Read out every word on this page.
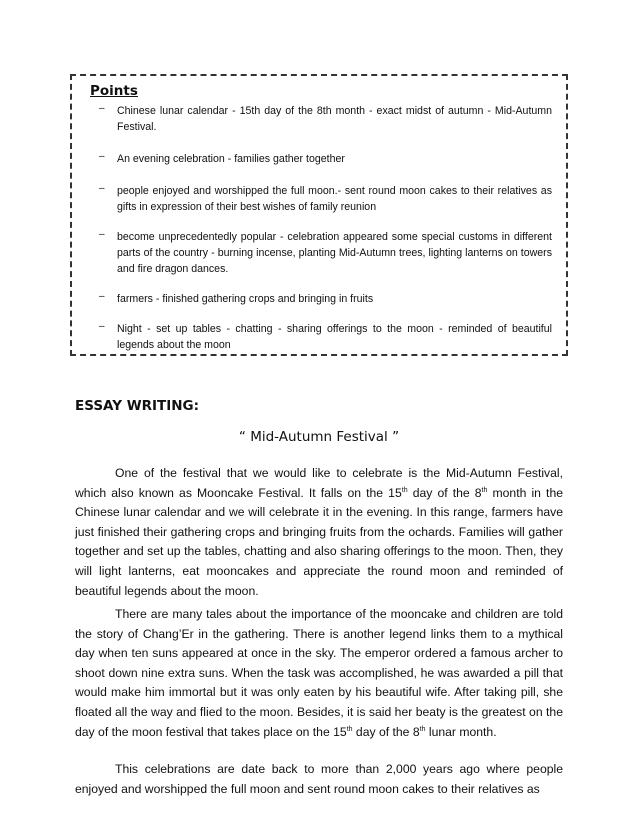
Points
– Chinese lunar calendar - 15th day of the 8th month - exact midst of autumn - Mid-Autumn Festival.
– An evening celebration - families gather together
– people enjoyed and worshipped the full moon.- sent round moon cakes to their relatives as gifts in expression of their best wishes of family reunion
– become unprecedentedly popular - celebration appeared some special customs in different parts of the country - burning incense, planting Mid-Autumn trees, lighting lanterns on towers and fire dragon dances.
– farmers - finished gathering crops and bringing in fruits
– Night - set up tables - chatting - sharing offerings to the moon - reminded of beautiful legends about the moon
ESSAY WRITING:
“ Mid-Autumn Festival ”
One of the festival that we would like to celebrate is the Mid-Autumn Festival, which also known as Mooncake Festival. It falls on the 15th day of the 8th month in the Chinese lunar calendar and we will celebrate it in the evening. In this range, farmers have just finished their gathering crops and bringing fruits from the ochards. Families will gather together and set up the tables, chatting and also sharing offerings to the moon. Then, they will light lanterns, eat mooncakes and appreciate the round moon and reminded of beautiful legends about the moon.
There are many tales about the importance of the mooncake and children are told the story of Chang’Er in the gathering. There is another legend links them to a mythical day when ten suns appeared at once in the sky. The emperor ordered a famous archer to shoot down nine extra suns. When the task was accomplished, he was awarded a pill that would make him immortal but it was only eaten by his beautiful wife. After taking pill, she floated all the way and flied to the moon. Besides, it is said her beaty is the greatest on the day of the moon festival that takes place on the 15th day of the 8th lunar month.
This celebrations are date back to more than 2,000 years ago where people enjoyed and worshipped the full moon and sent round moon cakes to their relatives as
